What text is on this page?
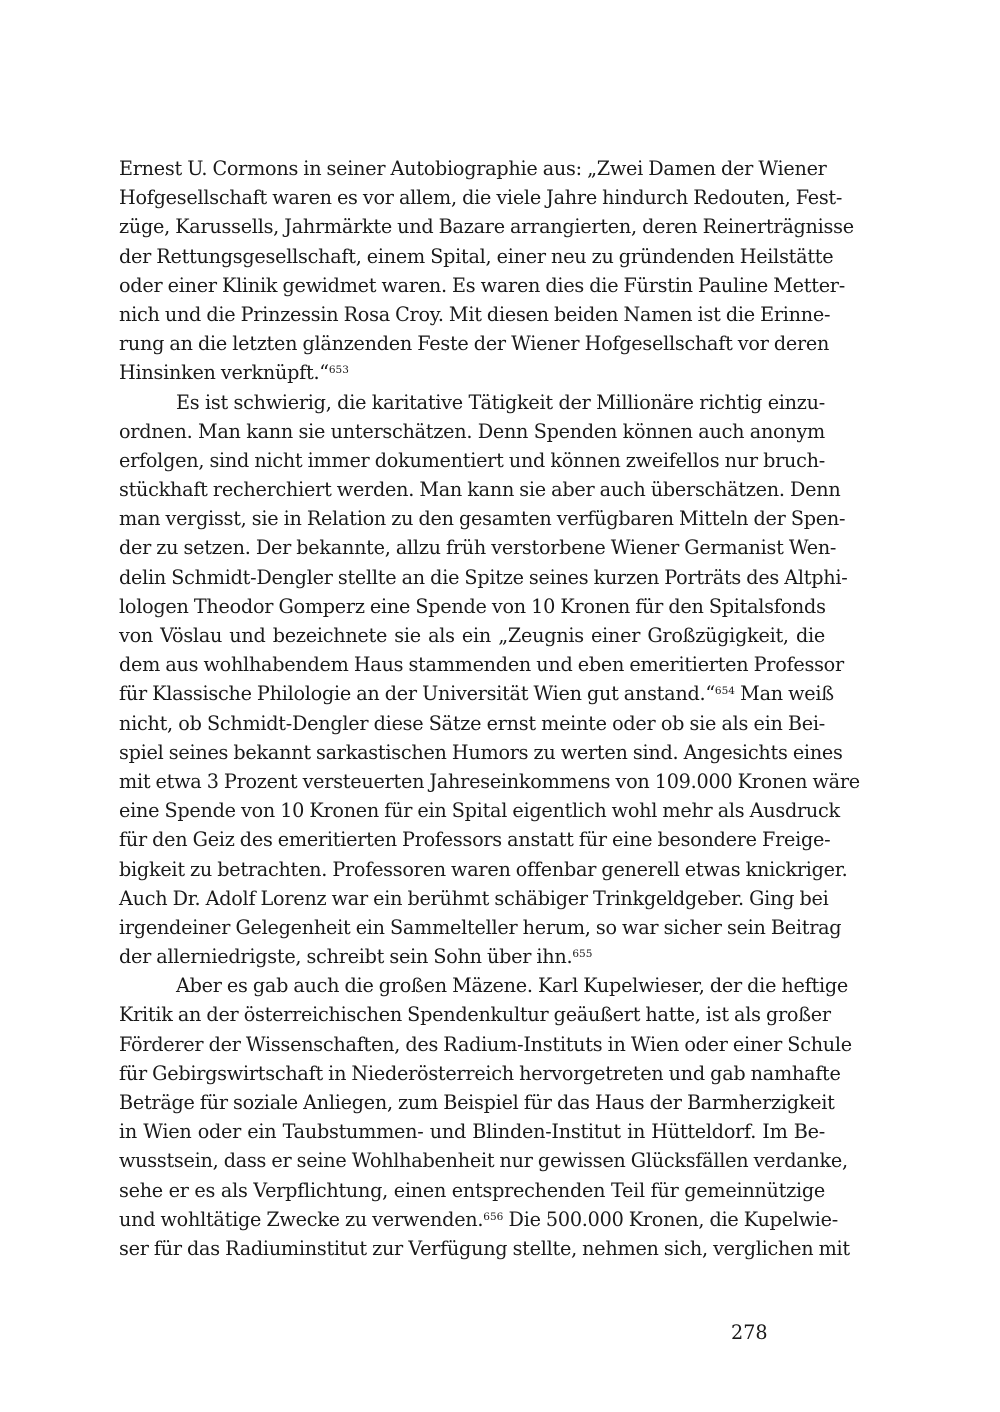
Ernest U. Cormons in seiner Autobiographie aus: „Zwei Damen der Wiener
Hofgesellschaft waren es vor allem, die viele Jahre hindurch Redouten, Fest-
züge, Karussells, Jahrmärkte und Bazare arrangierten, deren Reinerträgnisse
der Rettungsgesellschaft, einem Spital, einer neu zu gründenden Heilstätte
oder einer Klinik gewidmet waren. Es waren dies die Fürstin Pauline Metter-
nich und die Prinzessin Rosa Croy. Mit diesen beiden Namen ist die Erinne-
rung an die letzten glänzenden Feste der Wiener Hofgesellschaft vor deren
Hinsinken verknüpft.“$^{653}$
Es ist schwierig, die karitative Tätigkeit der Millionäre richtig einzu-
ordnen. Man kann sie unterschätzen. Denn Spenden können auch anonym
erfolgen, sind nicht immer dokumentiert und können zweifellos nur bruch-
stückhaft recherchiert werden. Man kann sie aber auch überschätzen. Denn
man vergisst, sie in Relation zu den gesamten verfügbaren Mitteln der Spen-
der zu setzen. Der bekannte, allzu früh verstorbene Wiener Germanist Wen-
delin Schmidt-Dengler stellte an die Spitze seines kurzen Porträts des Altphi-
lologen Theodor Gomperz eine Spende von 10 Kronen für den Spitalsfonds
von Vöslau und bezeichnete sie als ein „Zeugnis einer Großzügigkeit, die
dem aus wohlhabendem Haus stammenden und eben emeritierten Professor
für Klassische Philologie an der Universität Wien gut anstand.“$^{654}$ Man weiß
nicht, ob Schmidt-Dengler diese Sätze ernst meinte oder ob sie als ein Bei-
spiel seines bekannt sarkastischen Humors zu werten sind. Angesichts eines
mit etwa 3 Prozent versteuerten Jahreseinkommens von 109.000 Kronen wäre
eine Spende von 10 Kronen für ein Spital eigentlich wohl mehr als Ausdruck
für den Geiz des emeritierten Professors anstatt für eine besondere Freige-
bigkeit zu betrachten. Professoren waren offenbar generell etwas knickriger.
Auch Dr. Adolf Lorenz war ein berühmt schäbiger Trinkgeldgeber. Ging bei
irgendeiner Gelegenheit ein Sammelteller herum, so war sicher sein Beitrag
der allerniedrigste, schreibt sein Sohn über ihn.$^{655}$
Aber es gab auch die großen Mäzene. Karl Kupelwieser, der die heftige
Kritik an der österreichischen Spendenkultur geäußert hatte, ist als großer
Förderer der Wissenschaften, des Radium-Instituts in Wien oder einer Schule
für Gebirgswirtschaft in Niederösterreich hervorgetreten und gab namhafte
Beträge für soziale Anliegen, zum Beispiel für das Haus der Barmherzigkeit
in Wien oder ein Taubstummen- und Blinden-Institut in Hütteldorf. Im Be-
wusstsein, dass er seine Wohlhabenheit nur gewissen Glücksfällen verdanke,
sehe er es als Verpflichtung, einen entsprechenden Teil für gemeinnützige
und wohltätige Zwecke zu verwenden.$^{656}$ Die 500.000 Kronen, die Kupelwie-
ser für das Radiuminstitut zur Verfügung stellte, nehmen sich, verglichen mit
278
